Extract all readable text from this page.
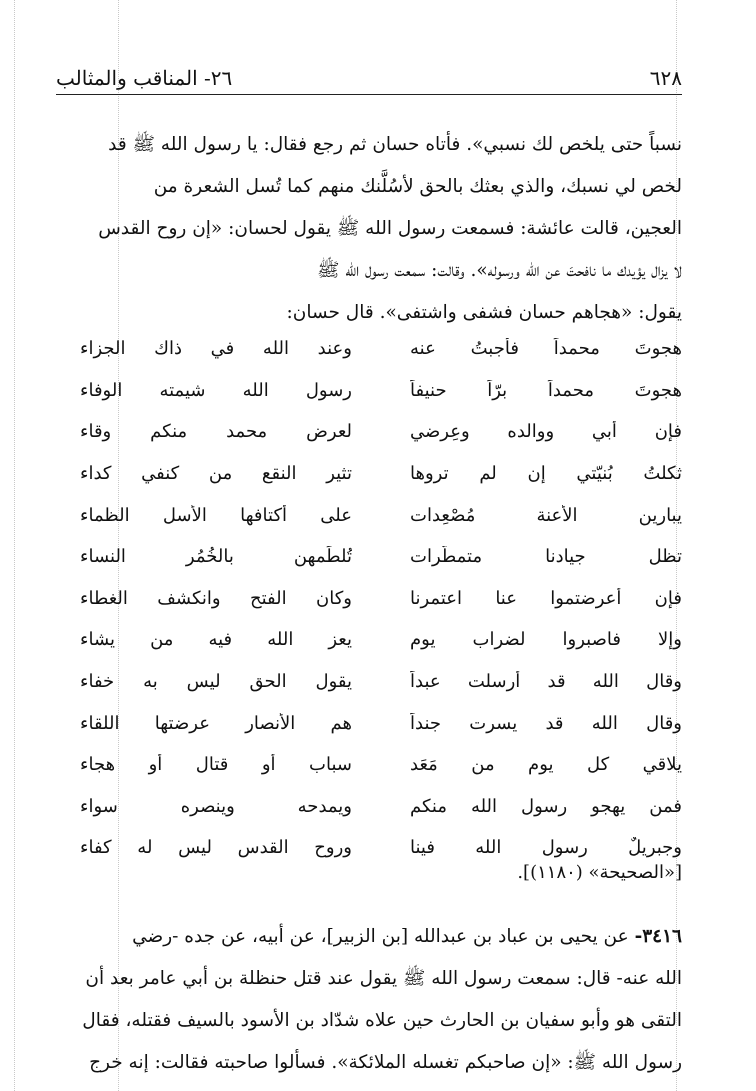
٦٢٨
٢٦- المناقب والمثالب
نسباً حتى يلخص لك نسبي». فأتاه حسان ثم رجع فقال: يا رسول الله ﷺ قد
لخص لي نسبك، والذي بعثك بالحق لأسُلَّنك منهم كما تُسل الشعرة من
العجين، قالت عائشة: فسمعت رسول الله ﷺ يقول لحسان: «إن روح القدس
لا يزال يؤيدك ما نافحتَ عن الله ورسوله». وقالت: سمعت رسول الله ﷺ
يقول: «هجاهم حسان فشفى واشتفى». قال حسان:
هجوتَ محمداً فأجبتُ عنه
وعند الله في ذاك الجزاء
هجوتَ محمداً برّاً حنيفاً
رسول الله شيمته الوفاء
فإن أبي ووالده وعِرضي
لعرض محمد منكم وقاء
ثكلتُ بُنيّتي إن لم تروها
تثير النقع من كنفي كداء
يبارين الأعنة مُصْعِدات
على أكتافها الأسل الظماء
تظل جيادنا متمطّرات
تُلطِّمهن بالخُمُرِ النساء
فإن أعرضتموا عنا اعتمرنا
وكان الفتح وانكشف الغطاء
وإلا فاصبروا لضراب يوم
يعز الله فيه من يشاء
وقال الله قد أرسلت عبداً
يقول الحق ليس به خفاء
وقال الله قد يسرت جنداً
هم الأنصار عرضتها اللقاء
يلاقي كل يوم من مَعَد
سباب أو قتال أو هجاء
فمن يهجو رسول الله منكم
ويمدحه وينصره سواء
وجبريلٌ رسول الله فينا
وروح القدس ليس له كفاء
[«الصحيحة» (١١٨٠)].
٣٤١٦- عن يحيى بن عباد بن عبدالله [بن الزبير]، عن أبيه، عن جده -رضي
الله عنه- قال: سمعت رسول الله ﷺ يقول عند قتل حنظلة بن أبي عامر بعد أن
التقى هو وأبو سفيان بن الحارث حين علاه شدّاد بن الأسود بالسيف فقتله، فقال
رسول الله ﷺ: «إن صاحبكم تغسله الملائكة». فسألوا صاحبته فقالت: إنه خرج
